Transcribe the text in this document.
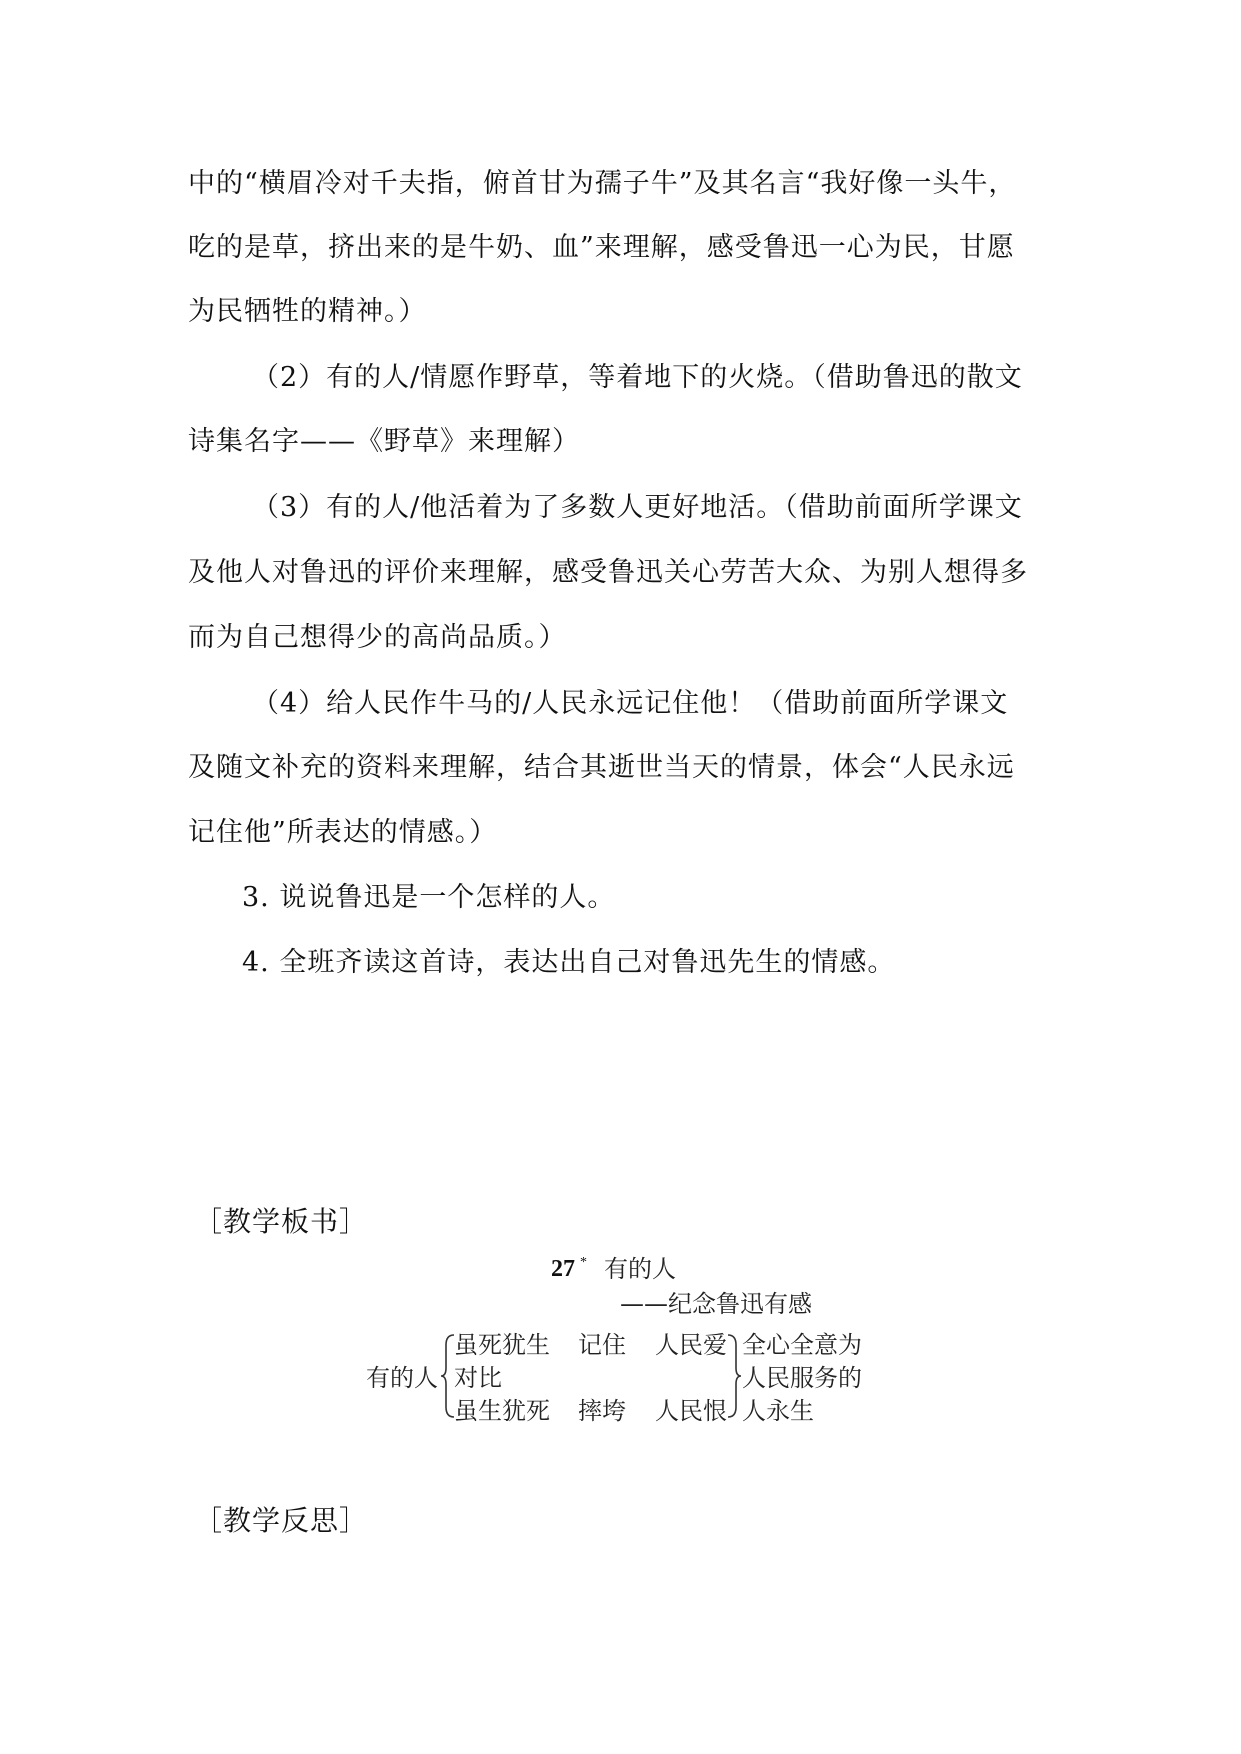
中的“横眉冷对千夫指，俯首甘为孺子牛”及其名言“我好像一头牛，
吃的是草，挤出来的是牛奶、血”来理解，感受鲁迅一心为民，甘愿
为民牺牲的精神。）
（2）有的人/情愿作野草，等着地下的火烧。（借助鲁迅的散文
诗集名字——《野草》来理解）
（3）有的人/他活着为了多数人更好地活。（借助前面所学课文
及他人对鲁迅的评价来理解，感受鲁迅关心劳苦大众、为别人想得多
而为自己想得少的高尚品质。）
（4）给人民作牛马的/人民永远记住他！（借助前面所学课文
及随文补充的资料来理解，结合其逝世当天的情景，体会“人民永远
记住他”所表达的情感。）
3. 说说鲁迅是一个怎样的人。
4. 全班齐读这首诗，表达出自己对鲁迅先生的情感。
［教学板书］
27 * 有的人
——纪念鲁迅有感
有的人
虽死犹生 记住 人民爱
对比
虽生犹死 摔垮 人民恨
全心全意为
人民服务的
人永生
［教学反思］
